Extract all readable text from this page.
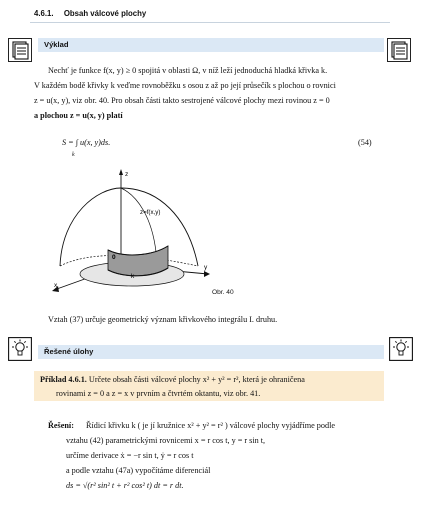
4.6.1. Obsah válcové plochy
Výklad

Nechť je funkce f(x, y) ≥ 0 spojitá v oblasti Ω, v níž leží jednoduchá hladká křivka k.

V každém bodě křivky k veďme rovnoběžku s osou z až po její průsečík s plochou o rovnici

z = u(x, y), viz obr. 40. Pro obsah části takto sestrojené válcové plochy mezi rovinou z = 0

a plochou z = u(x, y) platí

S = ∫ u(x, y)ds.
k
(54)
z
y
x
z=f(x,y)
0
k
Obr. 40
Vztah (37) určuje geometrický význam křivkového integrálu I. druhu.
Řešené úlohy
Příklad 4.6.1. Určete obsah části válcové plochy x² + y² = r², která je ohraničena
rovinami z = 0 a z = x v prvním a čtvrtém oktantu, viz obr. 41.
Řešení: Řídicí křivku k ( je jí kružnice x² + y² = r² ) válcové plochy vyjádříme podle
vztahu (42) parametrickými rovnicemi x = r cos t, y = r sin t,
určíme derivace ẋ = −r sin t, ẏ = r cos t
a podle vztahu (47a) vypočítáme diferenciál
ds = √(r² sin² t + r² cos² t) dt = r dt.
